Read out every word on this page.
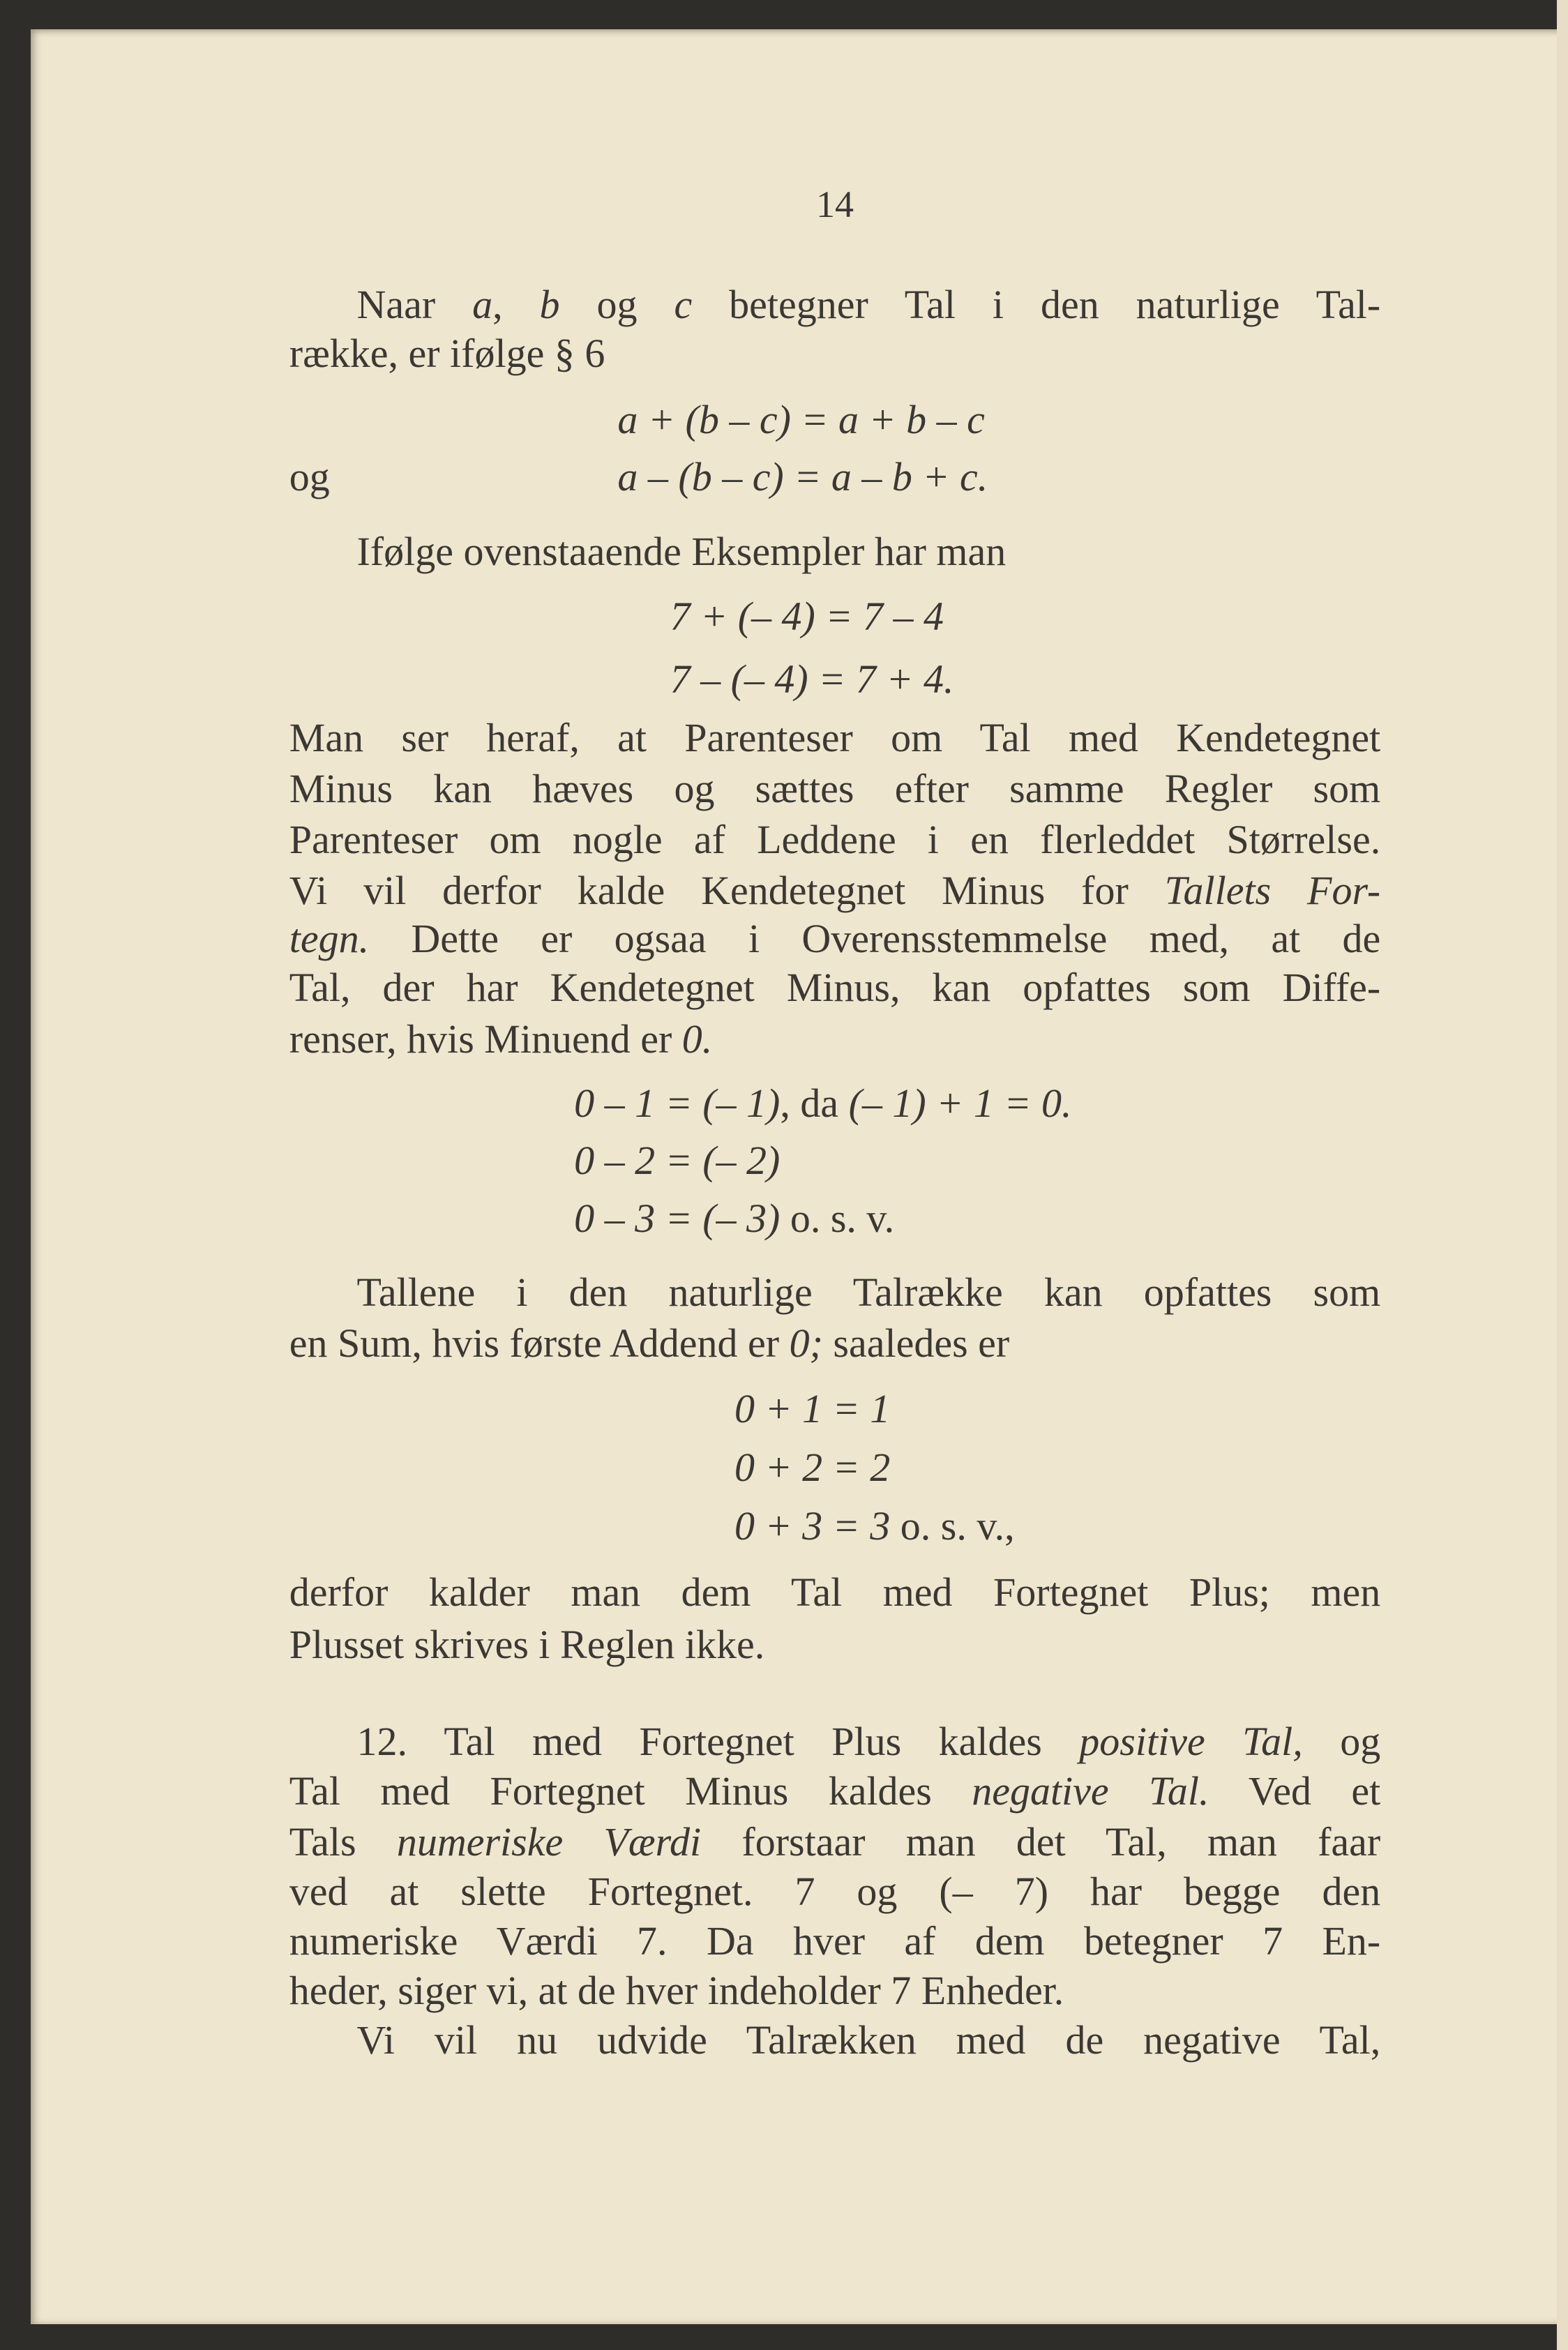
14
Naar a, b og c betegner Tal i den naturlige Tal-
række, er ifølge § 6
a + (b – c) = a + b – c
og	a – (b – c) = a – b + c.
Ifølge ovenstaaende Eksempler har man
7 + (– 4) = 7 – 4
7 – (– 4) = 7 + 4.
Man ser heraf, at Parenteser om Tal med Kendetegnet
Minus kan hæves og sættes efter samme Regler som
Parenteser om nogle af Leddene i en flerleddet Størrelse.
Vi vil derfor kalde Kendetegnet Minus for Tallets For-
tegn. Dette er ogsaa i Overensstemmelse med, at de
Tal, der har Kendetegnet Minus, kan opfattes som Diffe-
renser, hvis Minuend er 0.
0 – 1 = (– 1), da (– 1) + 1 = 0.
0 – 2 = (– 2)
0 – 3 = (– 3) o. s. v.
Tallene i den naturlige Talrække kan opfattes som
en Sum, hvis første Addend er 0; saaledes er
0 + 1 = 1
0 + 2 = 2
0 + 3 = 3 o. s. v.,
derfor kalder man dem Tal med Fortegnet Plus; men
Plusset skrives i Reglen ikke.
12. Tal med Fortegnet Plus kaldes positive Tal, og
Tal med Fortegnet Minus kaldes negative Tal. Ved et
Tals numeriske Værdi forstaar man det Tal, man faar
ved at slette Fortegnet. 7 og (– 7) har begge den
numeriske Værdi 7. Da hver af dem betegner 7 En-
heder, siger vi, at de hver indeholder 7 Enheder.
Vi vil nu udvide Talrækken med de negative Tal,
